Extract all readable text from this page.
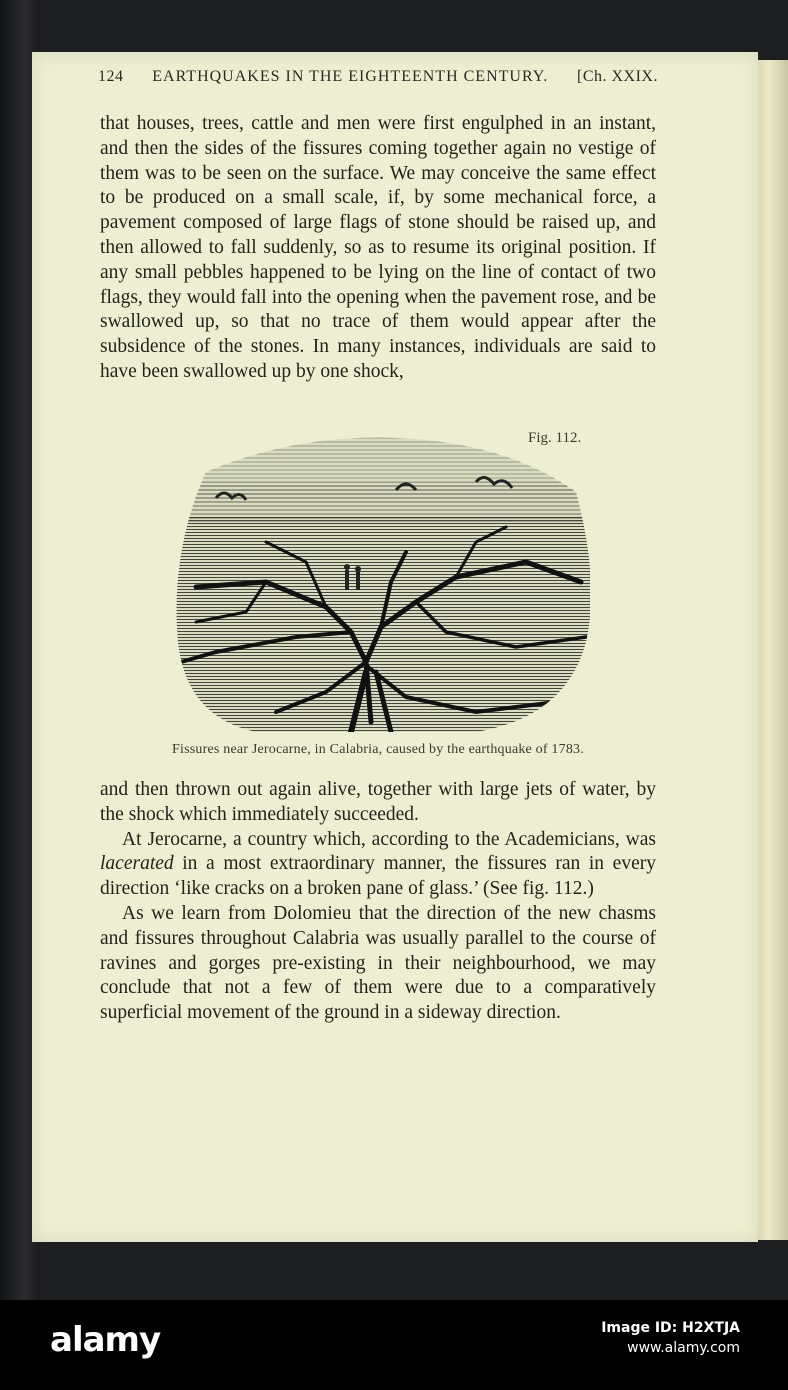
124 EARTHQUAKES IN THE EIGHTEENTH CENTURY. [Ch. XXIX.

that houses, trees, cattle and men were first engulphed in an instant, and then the sides of the fissures coming together again no vestige of them was to be seen on the surface. We may conceive the same effect to be produced on a small scale, if, by some mechanical force, a pavement composed of large flags of stone should be raised up, and then allowed to fall suddenly, so as to resume its original position. If any small pebbles happened to be lying on the line of contact of two flags, they would fall into the opening when the pavement rose, and be swallowed up, so that no trace of them would appear after the subsidence of the stones. In many instances, individuals are said to have been swallowed up by one shock,

Fig. 112.
Fissures near Jerocarne, in Calabria, caused by the earthquake of 1783.

and then thrown out again alive, together with large jets of water, by the shock which immediately succeeded.

At Jerocarne, a country which, according to the Academicians, was lacerated in a most extraordinary manner, the fissures ran in every direction ‘like cracks on a broken pane of glass.’ (See fig. 112.)

As we learn from Dolomieu that the direction of the new chasms and fissures throughout Calabria was usually parallel to the course of ravines and gorges pre-existing in their neighbourhood, we may conclude that not a few of them were due to a comparatively superficial movement of the ground in a sideway direction.

alamy	Image ID: H2XTJA
www.alamy.com
